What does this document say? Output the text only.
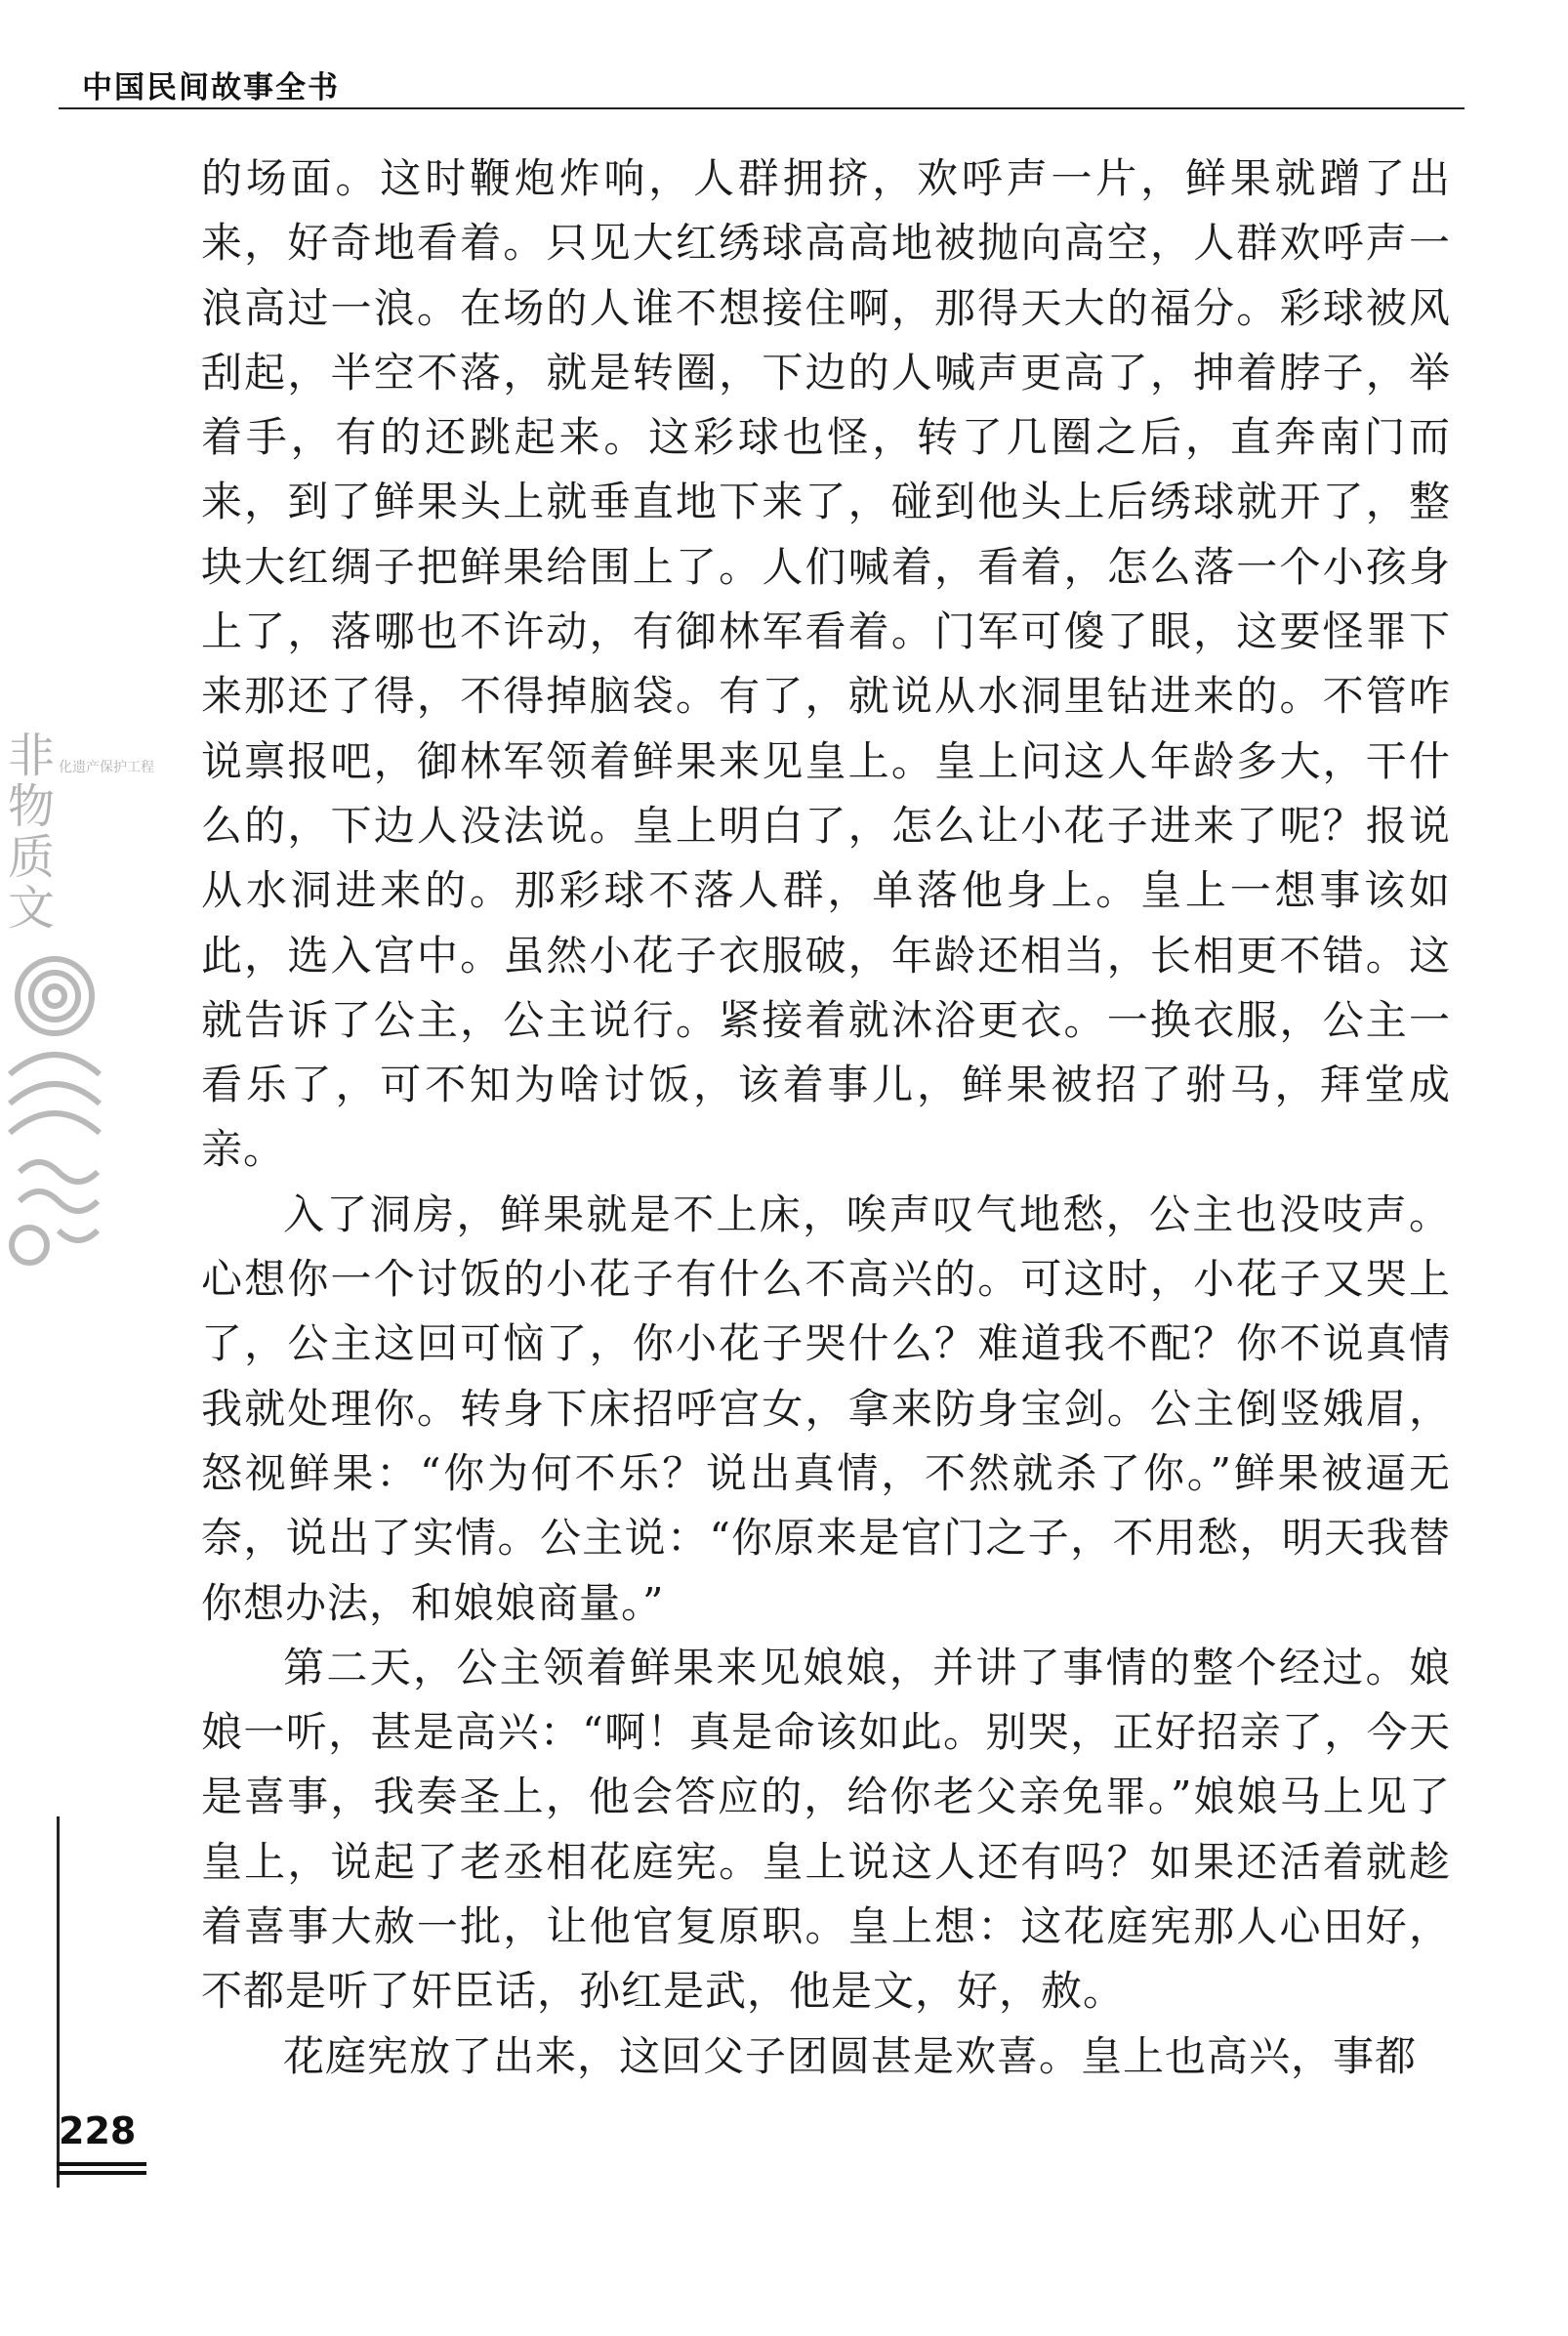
中国民间故事全书
非物质文化遗产保护工程

的场面。这时鞭炮炸响，人群拥挤，欢呼声一片，鲜果就蹭了出来，好奇地看着。只见大红绣球高高地被抛向高空，人群欢呼声一浪高过一浪。在场的人谁不想接住啊，那得天大的福分。彩球被风刮起，半空不落，就是转圈，下边的人喊声更高了，抻着脖子，举着手，有的还跳起来。这彩球也怪，转了几圈之后，直奔南门而来，到了鲜果头上就垂直地下来了，碰到他头上后绣球就开了，整块大红绸子把鲜果给围上了。人们喊着，看着，怎么落一个小孩身上了，落哪也不许动，有御林军看着。门军可傻了眼，这要怪罪下来那还了得，不得掉脑袋。有了，就说从水洞里钻进来的。不管咋说禀报吧，御林军领着鲜果来见皇上。皇上问这人年龄多大，干什么的，下边人没法说。皇上明白了，怎么让小花子进来了呢？报说从水洞进来的。那彩球不落人群，单落他身上。皇上一想事该如此，选入宫中。虽然小花子衣服破，年龄还相当，长相更不错。这就告诉了公主，公主说行。紧接着就沐浴更衣。一换衣服，公主一看乐了，可不知为啥讨饭，该着事儿，鲜果被招了驸马，拜堂成亲。

入了洞房，鲜果就是不上床，唉声叹气地愁，公主也没吱声。心想你一个讨饭的小花子有什么不高兴的。可这时，小花子又哭上了，公主这回可恼了，你小花子哭什么？难道我不配？你不说真情我就处理你。转身下床招呼宫女，拿来防身宝剑。公主倒竖娥眉，怒视鲜果：“你为何不乐？说出真情，不然就杀了你。”鲜果被逼无奈，说出了实情。公主说：“你原来是官门之子，不用愁，明天我替你想办法，和娘娘商量。”

第二天，公主领着鲜果来见娘娘，并讲了事情的整个经过。娘娘一听，甚是高兴：“啊！真是命该如此。别哭，正好招亲了，今天是喜事，我奏圣上，他会答应的，给你老父亲免罪。”娘娘马上见了皇上，说起了老丞相花庭宪。皇上说这人还有吗？如果还活着就趁着喜事大赦一批，让他官复原职。皇上想：这花庭宪那人心田好，不都是听了奸臣话，孙红是武，他是文，好，赦。

花庭宪放了出来，这回父子团圆甚是欢喜。皇上也高兴，事都

228
